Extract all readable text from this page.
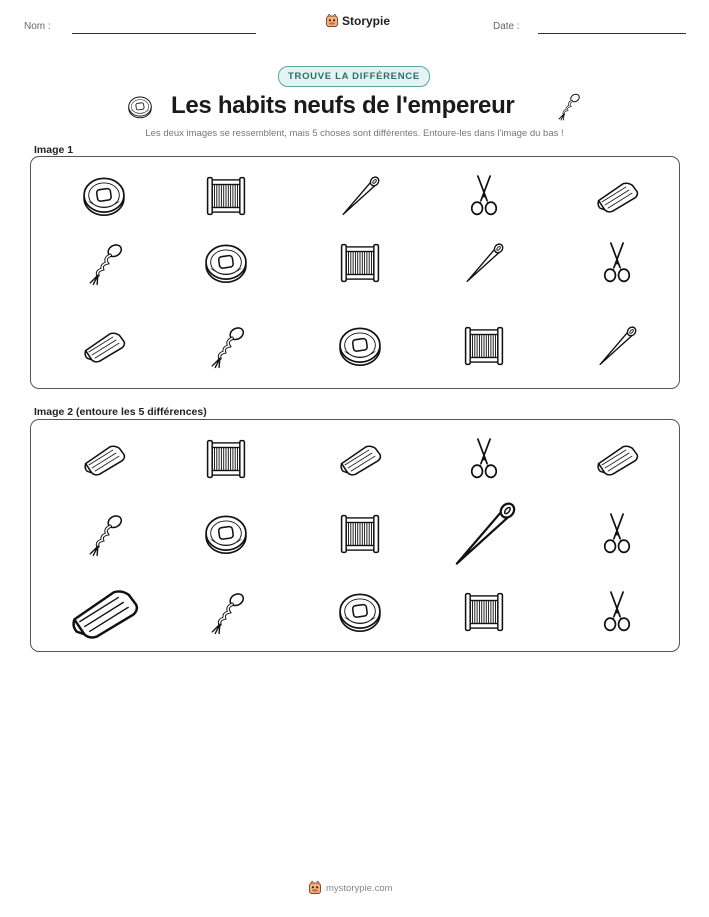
Nom :	Storypie	Date :
TROUVE LA DIFFÉRENCE
Les habits neufs de l'empereur
Les deux images se ressemblent, mais 5 choses sont différentes. Entoure-les dans l'image du bas !
Image 1
Image 2 (entoure les 5 différences)
mystorypie.com
